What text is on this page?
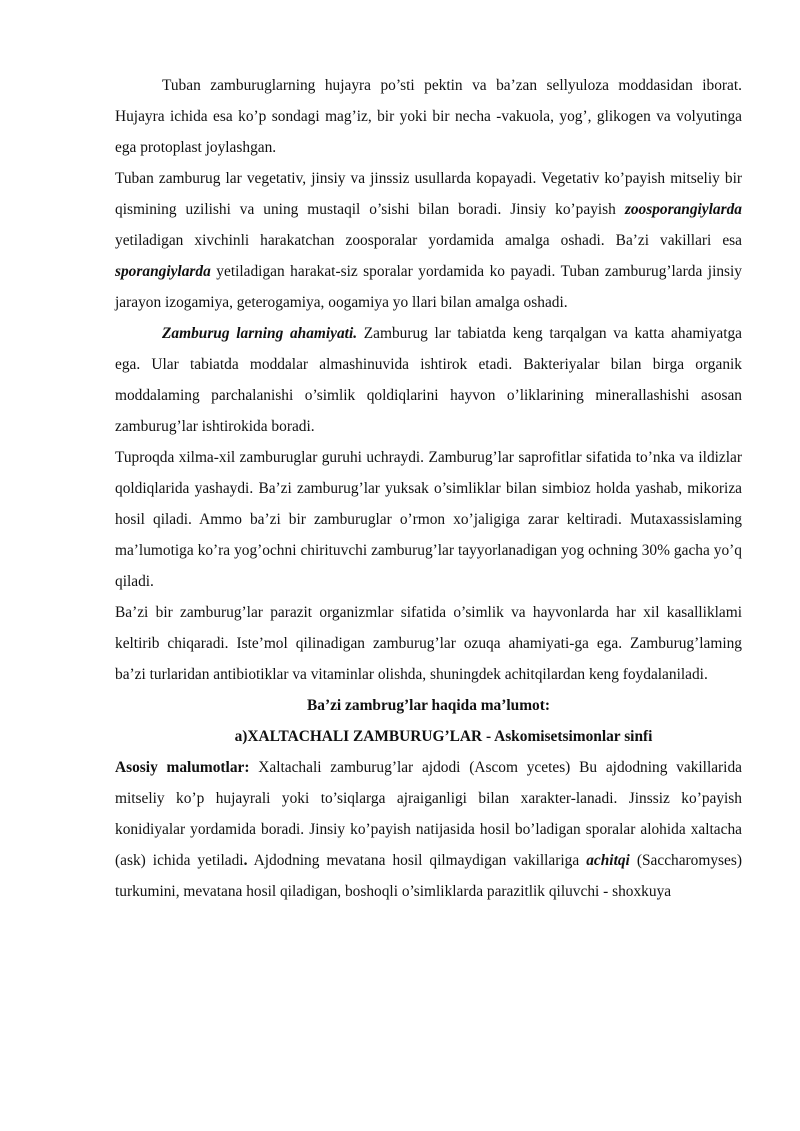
Tuban zamburuglarning hujayra po’sti pektin va ba’zan sellyuloza moddasidan iborat. Hujayra ichida esa ko’p sondagi mag’iz, bir yoki bir necha -vakuola, yog’, glikogen va volyutinga ega protoplast joylashgan.

Tuban zamburug lar vegetativ, jinsiy va jinssiz usullarda kopayadi. Vegetativ ko’payish mitseliy bir qismining uzilishi va uning mustaqil o’sishi bilan boradi. Jinsiy ko’payish zoosporangiylarda yetiladigan xivchinli harakatchan zoosporalar yordamida amalga oshadi. Ba’zi vakillari esa sporangiylarda yetiladigan harakat-siz sporalar yordamida ko payadi. Tuban zamburug’larda jinsiy jarayon izogamiya, geterogamiya, oogamiya yo llari bilan amalga oshadi.

Zamburug larning ahamiyati. Zamburug lar tabiatda keng tarqalgan va katta ahamiyatga ega. Ular tabiatda moddalar almashinuvida ishtirok etadi. Bakteriyalar bilan birga organik moddalaming parchalanishi o’simlik qoldiqlarini hayvon o’liklarining minerallashishi asosan zamburug’lar ishtirokida boradi.

Tuproqda xilma-xil zamburuglar guruhi uchraydi. Zamburug’lar saprofitlar sifatida to’nka va ildizlar qoldiqlarida yashaydi. Ba’zi zamburug’lar yuksak o’simliklar bilan simbioz holda yashab, mikoriza hosil qiladi. Ammo ba’zi bir zamburuglar o’rmon xo’jaligiga zarar keltiradi. Mutaxassislaming ma’lumotiga ko’ra yog’ochni chirituvchi zamburug’lar tayyorlanadigan yog ochning 30% gacha yo’q qiladi.

Ba’zi bir zamburug’lar parazit organizmlar sifatida o’simlik va hayvonlarda har xil kasalliklami keltirib chiqaradi. Iste’mol qilinadigan zamburug’lar ozuqa ahamiyati-ga ega. Zamburug’laming ba’zi turlaridan antibiotiklar va vitaminlar olishda, shuningdek achitqilardan keng foydalaniladi.

Ba’zi zambrug’lar haqida ma’lumot:

a)XALTACHALI ZAMBURUG’LAR - Askomisetsimonlar sinfi

Asosiy malumotlar: Xaltachali zamburug’lar ajdodi (Ascom ycetes) Bu ajdodning vakillarida mitseliy ko’p hujayrali yoki to’siqlarga ajraiganligi bilan xarakter-lanadi. Jinssiz ko’payish konidiyalar yordamida boradi. Jinsiy ko’payish natijasida hosil bo’ladigan sporalar alohida xaltacha (ask) ichida yetiladi. Ajdodning mevatana hosil qilmaydigan vakillariga achitqi (Saccharomyses) turkumini, mevatana hosil qiladigan, boshoqli o’simliklarda parazitlik qiluvchi - shoxkuya
